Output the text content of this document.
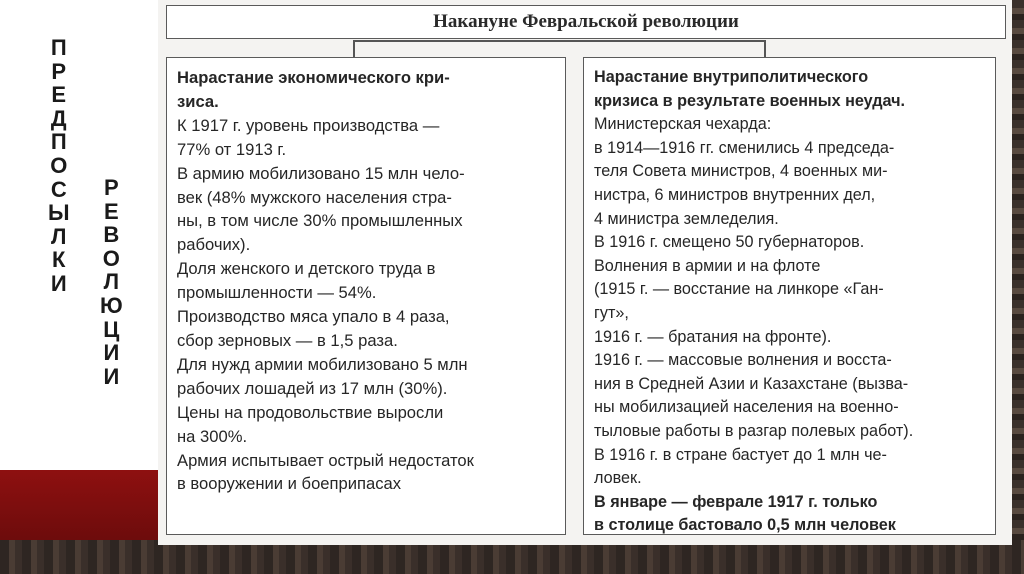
П
Р
Е
Д
П
О
С
Ы
Л
К
И
Р
Е
В
О
Л
Ю
Ц
И
И
Накануне Февральской революции
Нарастание экономического кри-
зиса.
К 1917 г. уровень производства —
77% от 1913 г.
В армию мобилизовано 15 млн чело-
век (48% мужского населения стра-
ны, в том числе 30% промышленных
рабочих).
Доля женского и детского труда в
промышленности — 54%.
Производство мяса упало в 4 раза,
сбор зерновых — в 1,5 раза.
Для нужд армии мобилизовано 5 млн
рабочих лошадей из 17 млн (30%).
Цены на продовольствие выросли
на 300%.
Армия испытывает острый недостаток
в вооружении и боеприпасах
Нарастание внутриполитического
кризиса в результате военных неудач.
Министерская чехарда:
в 1914—1916 гг. сменились 4 председа-
теля Совета министров, 4 военных ми-
нистра, 6 министров внутренних дел,
4 министра земледелия.
В 1916 г. смещено 50 губернаторов.
Волнения в армии и на флоте
(1915 г. — восстание на линкоре «Ган-
гут»,
1916 г. — братания на фронте).
1916 г. — массовые волнения и восста-
ния в Средней Азии и Казахстане (вызва-
ны мобилизацией населения на военно-
тыловые работы в разгар полевых работ).
В 1916 г. в стране бастует до 1 млн че-
ловек.
В январе — феврале 1917 г. только
в столице бастовало 0,5 млн человек
